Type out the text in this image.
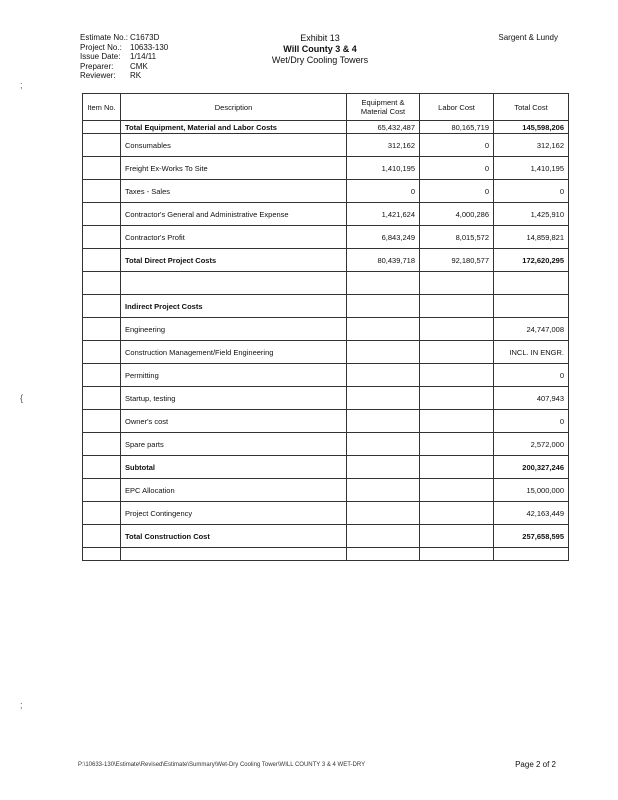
Estimate No.: C1673D
Project No.:	10633-130
Issue Date:	1/14/11
Preparer:	CMK
Reviewer:	RK
Exhibit 13
Will County 3 & 4
Wet/Dry Cooling Towers
Sargent & Lundy
;
{
;
Item No.	Description	Equipment & Material Cost	Labor Cost	Total Cost
	Total Equipment, Material and Labor Costs	65,432,487	80,165,719	145,598,206
	Consumables	312,162	0	312,162
	Freight Ex-Works To Site	1,410,195	0	1,410,195
	Taxes - Sales	0	0	0
	Contractor's General and Administrative Expense	1,421,624	4,000,286	1,425,910
	Contractor's Profit	6,843,249	8,015,572	14,859,821
	Total Direct Project Costs	80,439,718	92,180,577	172,620,295

	Indirect Project Costs			
	Engineering			24,747,008
	Construction Management/Field Engineering			INCL. IN ENGR.
	Permitting			0
	Startup, testing			407,943
	Owner's cost			0
	Spare parts			2,572,000
	Subtotal			200,327,246
	EPC Allocation			15,000,000
	Project Contingency			42,163,449
	Total Construction Cost			257,658,595

P:\10633-130\Estimate\Revised\Estimate\Summary\Wet-Dry Cooling Tower\WILL COUNTY 3 & 4 WET-DRY	Page 2 of 2
